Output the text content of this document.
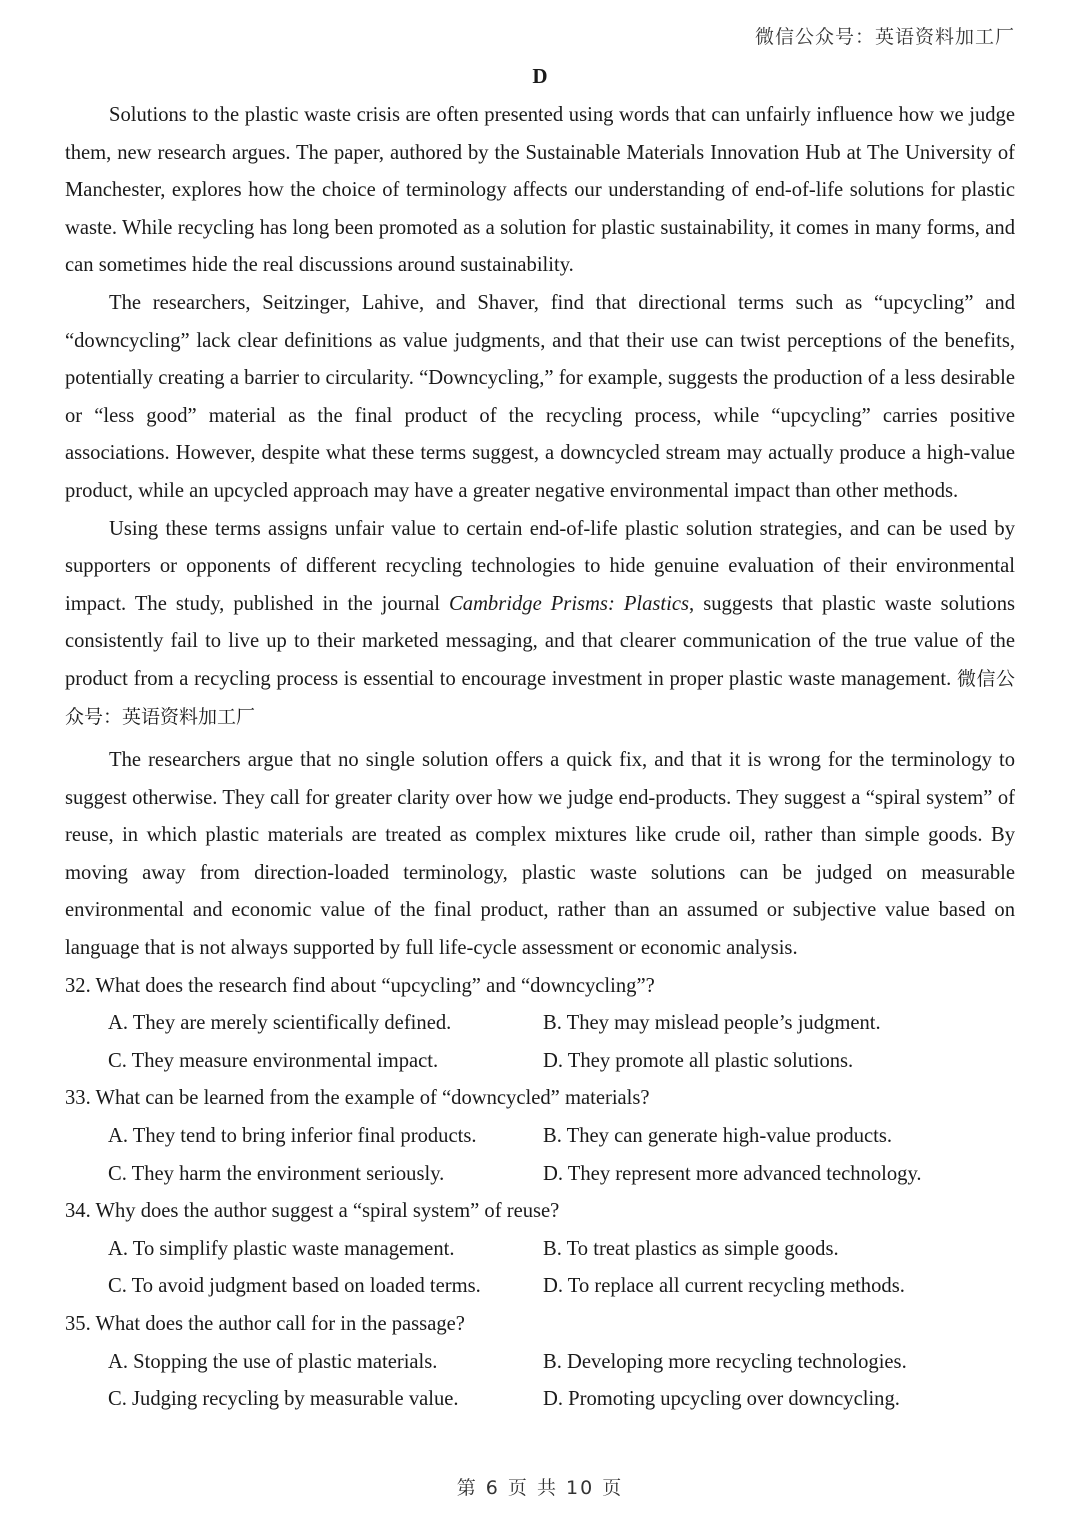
微信公众号：英语资料加工厂
D

Solutions to the plastic waste crisis are often presented using words that can unfairly influence how we judge them, new research argues. The paper, authored by the Sustainable Materials Innovation Hub at The University of Manchester, explores how the choice of terminology affects our understanding of end-of-life solutions for plastic waste. While recycling has long been promoted as a solution for plastic sustainability, it comes in many forms, and can sometimes hide the real discussions around sustainability.

The researchers, Seitzinger, Lahive, and Shaver, find that directional terms such as “upcycling” and “downcycling” lack clear definitions as value judgments, and that their use can twist perceptions of the benefits, potentially creating a barrier to circularity. “Downcycling,” for example, suggests the production of a less desirable or “less good” material as the final product of the recycling process, while “upcycling” carries positive associations. However, despite what these terms suggest, a downcycled stream may actually produce a high-value product, while an upcycled approach may have a greater negative environmental impact than other methods.

Using these terms assigns unfair value to certain end-of-life plastic solution strategies, and can be used by supporters or opponents of different recycling technologies to hide genuine evaluation of their environmental impact. The study, published in the journal Cambridge Prisms: Plastics, suggests that plastic waste solutions consistently fail to live up to their marketed messaging, and that clearer communication of the true value of the product from a recycling process is essential to encourage investment in proper plastic waste management. 微信公众号：英语资料加工厂

The researchers argue that no single solution offers a quick fix, and that it is wrong for the terminology to suggest otherwise. They call for greater clarity over how we judge end-products. They suggest a “spiral system” of reuse, in which plastic materials are treated as complex mixtures like crude oil, rather than simple goods. By moving away from direction-loaded terminology, plastic waste solutions can be judged on measurable environmental and economic value of the final product, rather than an assumed or subjective value based on language that is not always supported by full life-cycle assessment or economic analysis.

32. What does the research find about “upcycling” and “downcycling”?

A. They are merely scientifically defined.	B. They may mislead people’s judgment.
C. They measure environmental impact.	D. They promote all plastic solutions.

33. What can be learned from the example of “downcycled” materials?

A. They tend to bring inferior final products.	B. They can generate high-value products.
C. They harm the environment seriously.	D. They represent more advanced technology.

34. Why does the author suggest a “spiral system” of reuse?

A. To simplify plastic waste management.	B. To treat plastics as simple goods.
C. To avoid judgment based on loaded terms.	D. To replace all current recycling methods.

35. What does the author call for in the passage?

A. Stopping the use of plastic materials.	B. Developing more recycling technologies.
C. Judging recycling by measurable value.	D. Promoting upcycling over downcycling.
第 6 页 共 10 页
